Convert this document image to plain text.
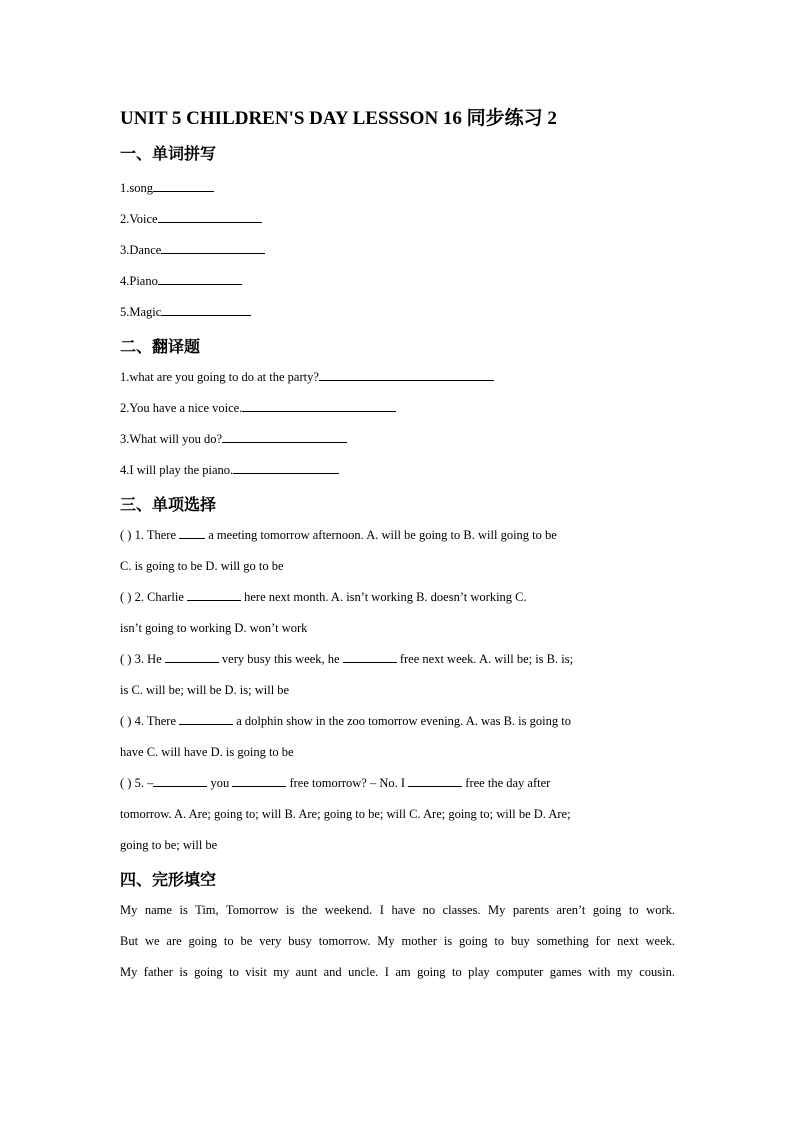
UNIT 5 CHILDREN'S DAY LESSSON 16 同步练习 2
一、单词拼写

1.song

2.Voice

3.Dance

4.Piano

5.Magic

二、翻译题

1.what are you going to do at the party?

2.You have a nice voice.

3.What will you do?

4.I will play the piano.

三、单项选择

( ) 1. There  a meeting tomorrow afternoon. A. will be going to B. will going to be

C. is going to be D. will go to be

( ) 2. Charlie	here next month. A. isn’t working B. doesn’t working C.

isn’t going to working D. won’t work

( ) 3. He	very busy this week, he	free next week. A. will be; is B. is;

is C. will be; will be D. is; will be

( ) 4. There	a dolphin show in the zoo tomorrow evening. A. was B. is going to

have C. will have D. is going to be

( ) 5. –	you	free tomorrow? – No. I	free the day after

tomorrow. A. Are; going to; will B. Are; going to be; will C. Are; going to; will be D. Are;

going to be; will be

四、完形填空

My name is Tim, Tomorrow is the weekend. I have no classes. My parents aren’t going to work.

But we are going to be very busy tomorrow. My mother is going to buy something for next week.

My father is going to visit my aunt and uncle. I am going to play computer games with my cousin.
